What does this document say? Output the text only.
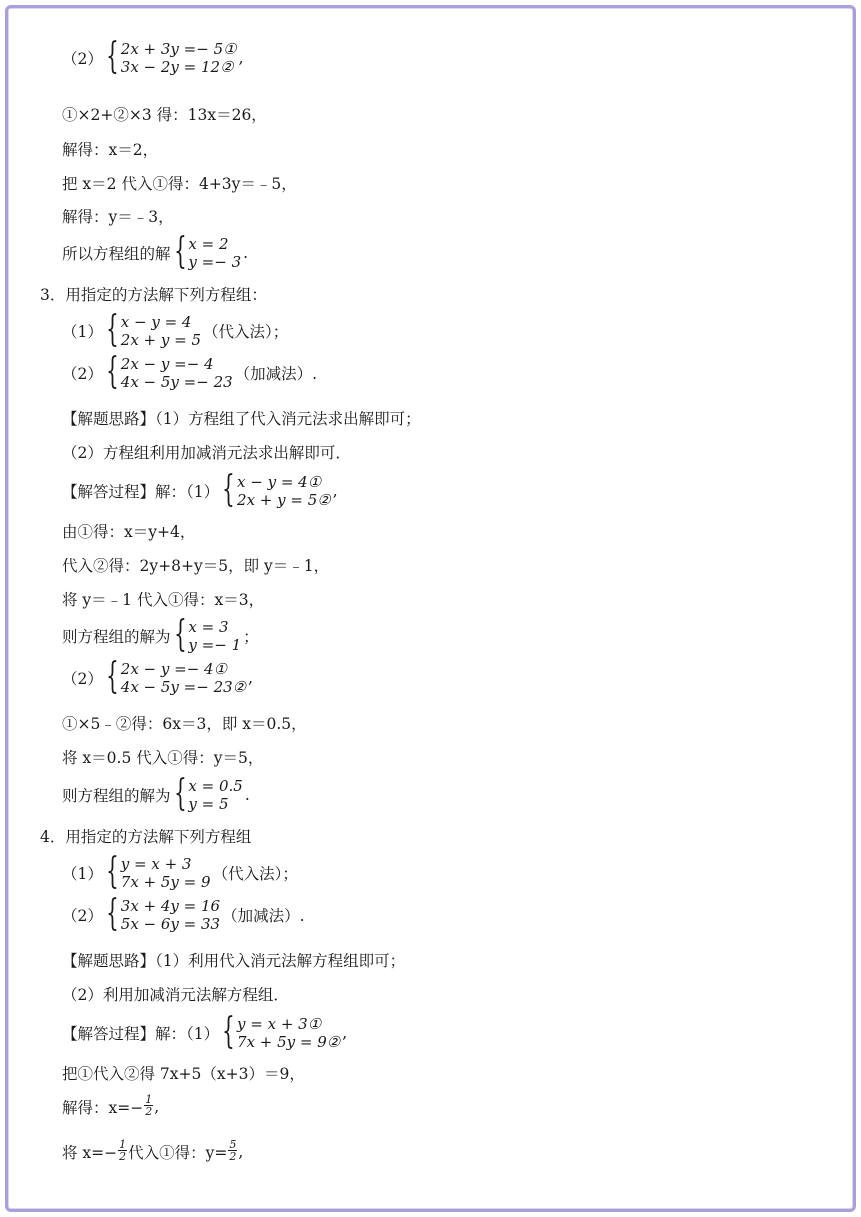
（2） { 2x + 3y =− 5①
3x − 2y = 12② ,
①×2+②×3 得：13x＝26，
解得：x＝2，
把 x＝2 代入①得：4+3y＝﹣5，
解得：y＝﹣3，
所以方程组的解 { x = 2
y =− 3 .
3．用指定的方法解下列方程组：
（1） { x − y = 4
2x + y = 5 （代入法）；
（2） { 2x − y =− 4
4x − 5y =− 23 （加减法）.
【解题思路】（1）方程组了代入消元法求出解即可；
（2）方程组利用加减消元法求出解即可．
【解答过程】解：（1） { x − y = 4①
2x + y = 5② ,
由①得：x＝y+4，
代入②得：2y+8+y＝5，即 y＝﹣1，
将 y＝﹣1 代入①得：x＝3，
则方程组的解为 { x = 3
y =− 1 ；
（2） { 2x − y =− 4①
4x − 5y =− 23② ,
①×5﹣②得：6x＝3，即 x＝0.5，
将 x＝0.5 代入①得：y＝5，
则方程组的解为 { x = 0.5
y = 5	.
4．用指定的方法解下列方程组
（1） { y = x + 3
7x + 5y = 9 （代入法）；
（2） { 3x + 4y = 16
5x − 6y = 33 （加减法）.
【解题思路】（1）利用代入消元法解方程组即可；
（2）利用加减消元法解方程组．
【解答过程】解：（1） { y = x + 3①
7x + 5y = 9② ,
把①代入②得 7x+5（x+3）＝9，
解得：$x=- \frac{1}{2}$ ,
将 $x=- \frac{1}{2}$ 代入①得：$y= \frac{5}{2}$ ,
